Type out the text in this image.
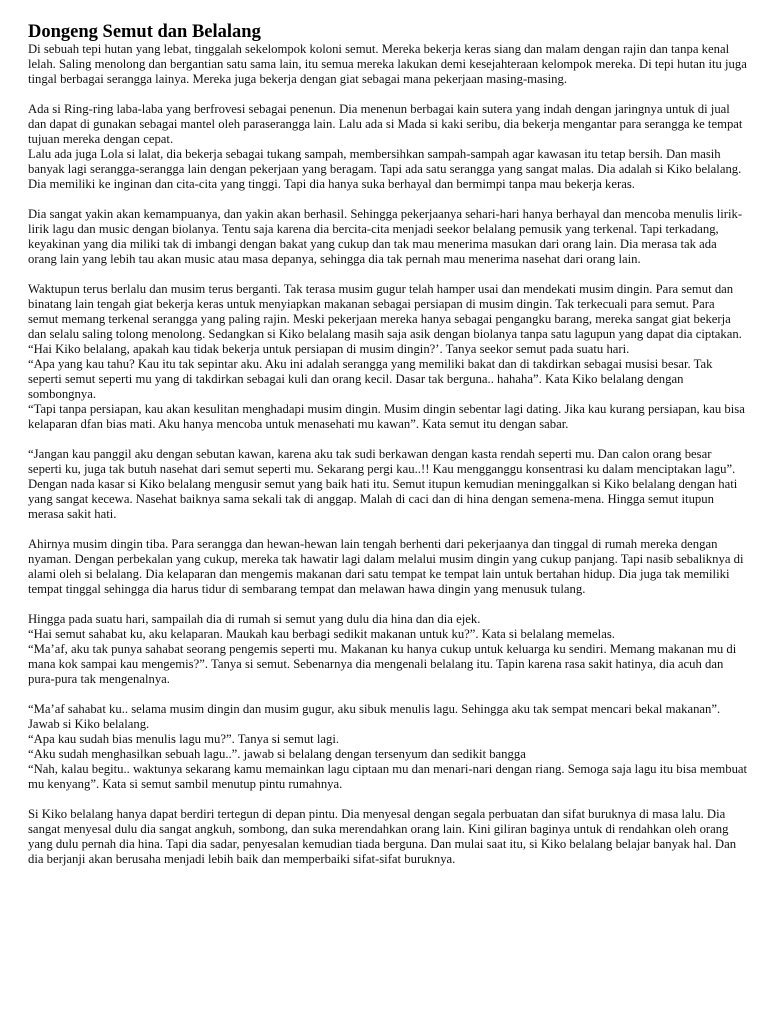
Dongeng Semut dan Belalang
Di sebuah tepi hutan yang lebat, tinggalah sekelompok koloni semut. Mereka bekerja keras siang dan malam dengan rajin dan tanpa kenal lelah. Saling menolong dan bergantian satu sama lain, itu semua mereka lakukan demi kesejahteraan kelompok mereka. Di tepi hutan itu juga tingal berbagai serangga lainya. Mereka juga bekerja dengan giat sebagai mana pekerjaan masing-masing.
Ada si Ring-ring laba-laba yang berfrovesi sebagai penenun. Dia menenun berbagai kain sutera yang indah dengan jaringnya untuk di jual dan dapat di gunakan sebagai mantel oleh paraserangga lain. Lalu ada si Mada si kaki seribu, dia bekerja mengantar para serangga ke tempat tujuan mereka dengan cepat.
Lalu ada juga Lola si lalat, dia bekerja sebagai tukang sampah, membersihkan sampah-sampah agar kawasan itu tetap bersih. Dan masih banyak lagi serangga-serangga lain dengan pekerjaan yang beragam. Tapi ada satu serangga yang sangat malas. Dia adalah si Kiko belalang. Dia memiliki ke inginan dan cita-cita yang tinggi. Tapi dia hanya suka berhayal dan bermimpi tanpa mau bekerja keras.
Dia sangat yakin akan kemampuanya, dan yakin akan berhasil. Sehingga pekerjaanya sehari-hari hanya berhayal dan mencoba menulis lirik-lirik lagu dan music dengan biolanya. Tentu saja karena dia bercita-cita menjadi seekor belalang pemusik yang terkenal. Tapi terkadang, keyakinan yang dia miliki tak di imbangi dengan bakat yang cukup dan tak mau menerima masukan dari orang lain. Dia merasa tak ada orang lain yang lebih tau akan music atau masa depanya, sehingga dia tak pernah mau menerima nasehat dari orang lain.
Waktupun terus berlalu dan musim terus berganti. Tak terasa musim gugur telah hamper usai dan mendekati musim dingin. Para semut dan binatang lain tengah giat bekerja keras untuk menyiapkan makanan sebagai persiapan di musim dingin. Tak terkecuali para semut. Para semut memang terkenal serangga yang paling rajin. Meski pekerjaan mereka hanya sebagai pengangku barang, mereka sangat giat bekerja dan selalu saling tolong menolong. Sedangkan si Kiko belalang masih saja asik dengan biolanya tanpa satu lagupun yang dapat dia ciptakan.
“Hai Kiko belalang, apakah kau tidak bekerja untuk persiapan di musim dingin?’. Tanya seekor semut pada suatu hari.
“Apa yang kau tahu? Kau itu tak sepintar aku. Aku ini adalah serangga yang memiliki bakat dan di takdirkan sebagai musisi besar. Tak seperti semut seperti mu yang di takdirkan sebagai kuli dan orang kecil. Dasar tak berguna.. hahaha”. Kata Kiko belalang dengan sombongnya.
“Tapi tanpa persiapan, kau akan kesulitan menghadapi musim dingin. Musim dingin sebentar lagi dating. Jika kau kurang persiapan, kau bisa kelaparan dfan bias mati. Aku hanya mencoba untuk menasehati mu kawan”. Kata semut itu dengan sabar.
“Jangan kau panggil aku dengan sebutan kawan, karena aku tak sudi berkawan dengan kasta rendah seperti mu. Dan calon orang besar seperti ku, juga tak butuh nasehat dari semut seperti mu. Sekarang pergi kau..!! Kau mengganggu konsentrasi ku dalam menciptakan lagu”. Dengan nada kasar si Kiko belalang mengusir semut yang baik hati itu. Semut itupun kemudian meninggalkan si Kiko belalang dengan hati yang sangat kecewa. Nasehat baiknya sama sekali tak di anggap. Malah di caci dan di hina dengan semena-mena. Hingga semut itupun merasa sakit hati.
Ahirnya musim dingin tiba. Para serangga dan hewan-hewan lain tengah berhenti dari pekerjaanya dan tinggal di rumah mereka dengan nyaman. Dengan perbekalan yang cukup, mereka tak hawatir lagi dalam melalui musim dingin yang cukup panjang. Tapi nasib sebaliknya di alami oleh si belalang. Dia kelaparan dan mengemis makanan dari satu tempat ke tempat lain untuk bertahan hidup. Dia juga tak memiliki tempat tinggal sehingga dia harus tidur di sembarang tempat dan melawan hawa dingin yang menusuk tulang.
Hingga pada suatu hari, sampailah dia di rumah si semut yang dulu dia hina dan dia ejek.
“Hai semut sahabat ku, aku kelaparan. Maukah kau berbagi sedikit makanan untuk ku?”. Kata si belalang memelas.
“Ma’af, aku tak punya sahabat seorang pengemis seperti mu. Makanan ku hanya cukup untuk keluarga ku sendiri. Memang makanan mu di mana kok sampai kau mengemis?”. Tanya si semut. Sebenarnya dia mengenali belalang itu. Tapin karena rasa sakit hatinya, dia acuh dan pura-pura tak mengenalnya.
“Ma’af sahabat ku.. selama musim dingin dan musim gugur, aku sibuk menulis lagu. Sehingga aku tak sempat mencari bekal makanan”. Jawab si Kiko belalang.
“Apa kau sudah bias menulis lagu mu?”. Tanya si semut lagi.
“Aku sudah menghasilkan sebuah lagu..”. jawab si belalang dengan tersenyum dan sedikit bangga
“Nah, kalau begitu.. waktunya sekarang kamu memainkan lagu ciptaan mu dan menari-nari dengan riang. Semoga saja lagu itu bisa membuat mu kenyang”. Kata si semut sambil menutup pintu rumahnya.
Si Kiko belalang hanya dapat berdiri tertegun di depan pintu. Dia menyesal dengan segala perbuatan dan sifat buruknya di masa lalu. Dia sangat menyesal dulu dia sangat angkuh, sombong, dan suka merendahkan orang lain. Kini giliran baginya untuk di rendahkan oleh orang yang dulu pernah dia hina. Tapi dia sadar, penyesalan kemudian tiada berguna. Dan mulai saat itu, si Kiko belalang belajar banyak hal. Dan dia berjanji akan berusaha menjadi lebih baik dan memperbaiki sifat-sifat buruknya.
